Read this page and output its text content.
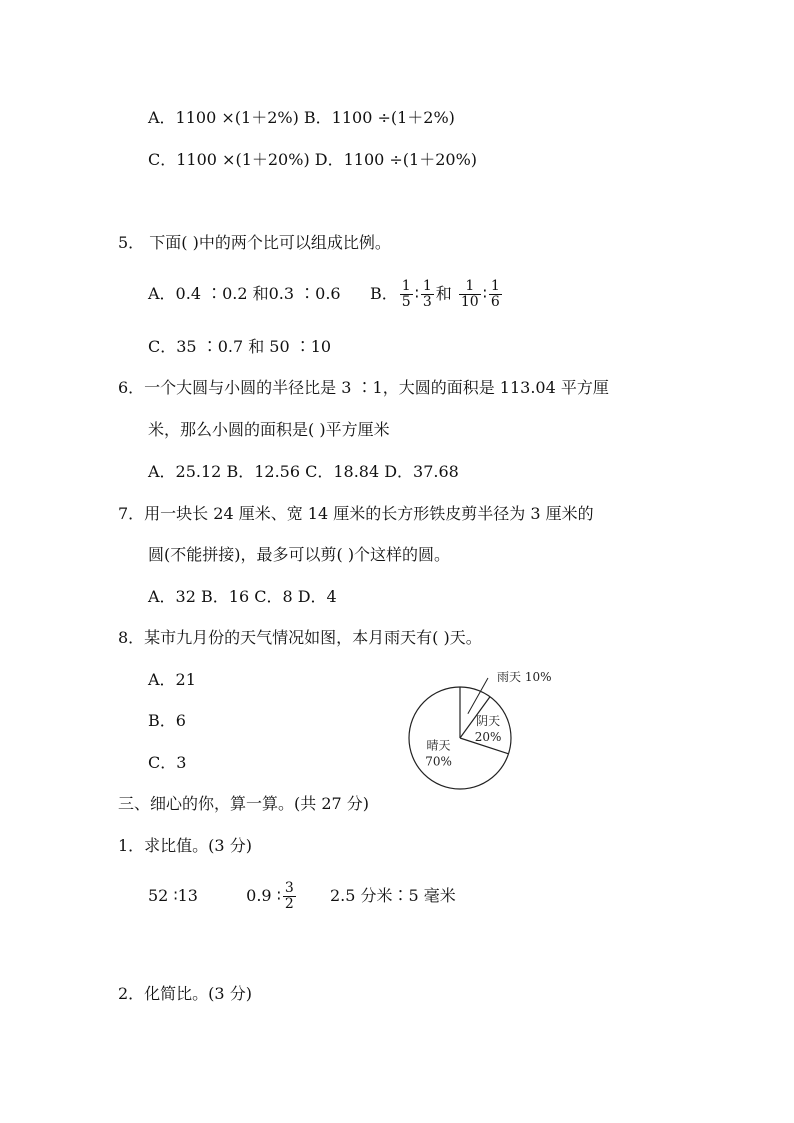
A．1100 ×(1＋2%) B．1100 ÷(1＋2%)
C．1100 ×(1＋20%) D．1100 ÷(1＋20%)
5． 下面( )中的两个比可以组成比例。
A．0.4 ∶0.2 和0.3 ∶0.6 B． $\frac{1}{5}$ ∶ $\frac{1}{3}$ 和 $\frac{1}{10}$ ∶ $\frac{1}{6}$
C．35 ∶0.7 和 50 ∶10
6．一个大圆与小圆的半径比是 3 ∶1，大圆的面积是 113.04 平方厘
米，那么小圆的面积是( )平方厘米
A．25.12 B．12.56 C．18.84 D．37.68
7．用一块长 24 厘米、宽 14 厘米的长方形铁皮剪半径为 3 厘米的
圆(不能拼接)，最多可以剪( )个这样的圆。
A．32 B．16 C．8 D．4
8．某市九月份的天气情况如图，本月雨天有( )天。
A．21
B．6
C．3
雨天 10%
阴天
20%
晴天
70%
三、细心的你，算一算。(共 27 分)
1．求比值。(3 分)
52 ∶13	0.9 ∶ $\frac{3}{2} 2.5$ 分米∶5 毫米
2．化简比。(3 分)
